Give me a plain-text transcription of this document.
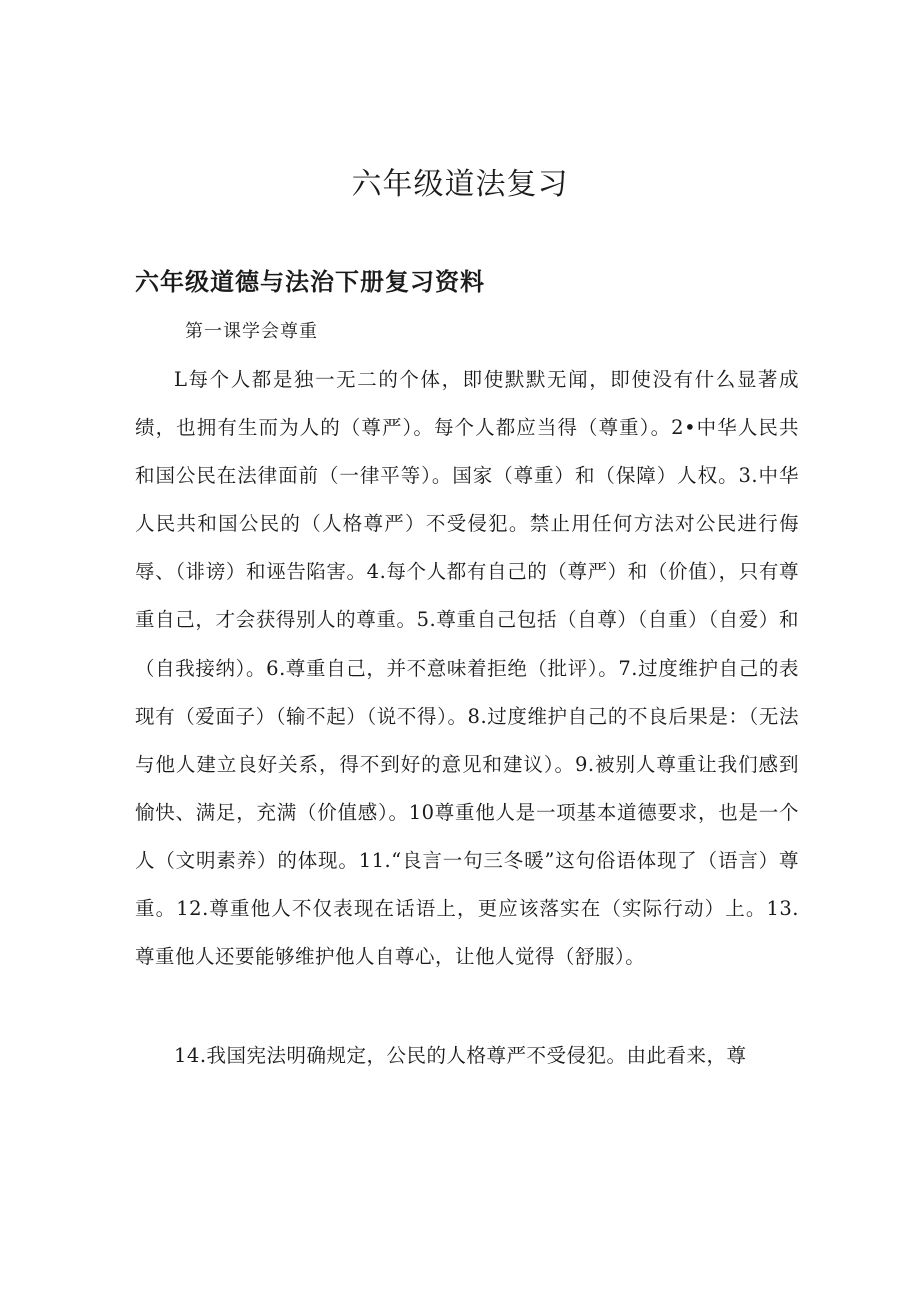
六年级道法复习
六年级道德与法治下册复习资料

第一课学会尊重

L每个人都是独一无二的个体，即使默默无闻，即使没有什么显著成绩，也拥有生而为人的（尊严）。每个人都应当得（尊重）。2•中华人民共和国公民在法律面前（一律平等）。国家（尊重）和（保障）人权。3.中华人民共和国公民的（人格尊严）不受侵犯。禁止用任何方法对公民进行侮辱、（诽谤）和诬告陷害。4.每个人都有自己的（尊严）和（价值），只有尊重自己，才会获得别人的尊重。5.尊重自己包括（自尊）（自重）（自爱）和（自我接纳）。6.尊重自己，并不意味着拒绝（批评）。7.过度维护自己的表现有（爱面子）（输不起）（说不得）。8.过度维护自己的不良后果是：（无法与他人建立良好关系，得不到好的意见和建议）。9.被别人尊重让我们感到愉快、满足，充满（价值感）。10尊重他人是一项基本道德要求，也是一个人（文明素养）的体现。11.“良言一句三冬暖”这句俗语体现了（语言）尊重。12.尊重他人不仅表现在话语上，更应该落实在（实际行动）上。13.尊重他人还要能够维护他人自尊心，让他人觉得（舒服）。

14.我国宪法明确规定，公民的人格尊严不受侵犯。由此看来，尊
